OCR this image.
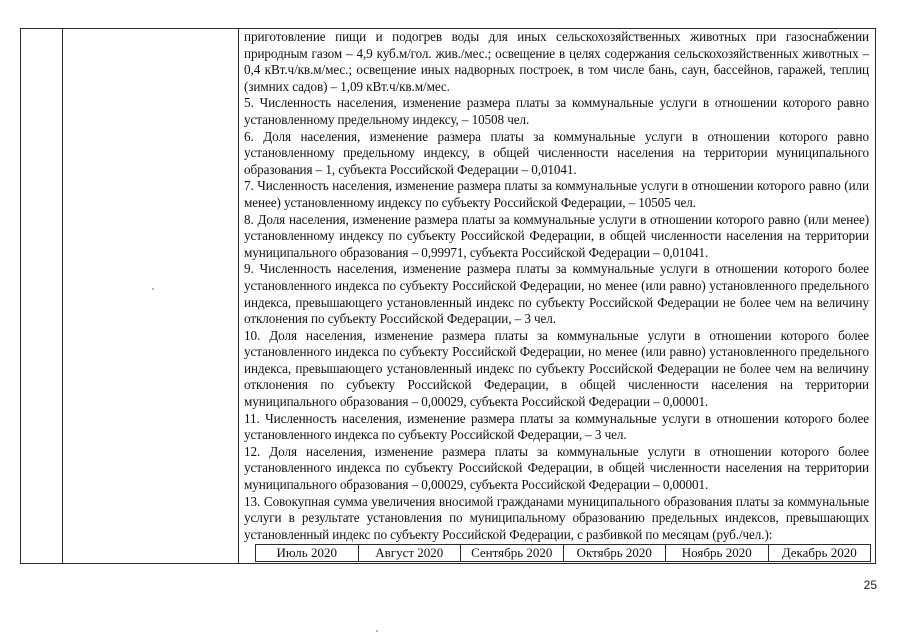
приготовление пищи и подогрев воды для иных сельскохозяйственных животных при газоснабжении природным газом – 4,9 куб.м/гол. жив./мес.; освещение в целях содержания сельскохозяйственных животных – 0,4 кВт.ч/кв.м/мес.; освещение иных надворных построек, в том числе бань, саун, бассейнов, гаражей, теплиц (зимних садов) – 1,09 кВт.ч/кв.м/мес.

5. Численность населения, изменение размера платы за коммунальные услуги в отношении которого равно установленному предельному индексу, – 10508 чел.

6. Доля населения, изменение размера платы за коммунальные услуги в отношении которого равно установленному предельному индексу, в общей численности населения на территории муниципального образования – 1, субъекта Российской Федерации – 0,01041.

7. Численность населения, изменение размера платы за коммунальные услуги в отношении которого равно (или менее) установленному индексу по субъекту Российской Федерации, – 10505 чел.

8. Доля населения, изменение размера платы за коммунальные услуги в отношении которого равно (или менее) установленному индексу по субъекту Российской Федерации, в общей численности населения на территории муниципального образования – 0,99971, субъекта Российской Федерации – 0,01041.

9. Численность населения, изменение размера платы за коммунальные услуги в отношении которого более установленного индекса по субъекту Российской Федерации, но менее (или равно) установленного предельного индекса, превышающего установленный индекс по субъекту Российской Федерации не более чем на величину отклонения по субъекту Российской Федерации, – 3 чел.

10. Доля населения, изменение размера платы за коммунальные услуги в отношении которого более установленного индекса по субъекту Российской Федерации, но менее (или равно) установленного предельного индекса, превышающего установленный индекс по субъекту Российской Федерации не более чем на величину отклонения по субъекту Российской Федерации, в общей численности населения на территории муниципального образования – 0,00029, субъекта Российской Федерации – 0,00001.

11. Численность населения, изменение размера платы за коммунальные услуги в отношении которого более установленного индекса по субъекту Российской Федерации, – 3 чел.

12. Доля населения, изменение размера платы за коммунальные услуги в отношении которого более установленного индекса по субъекту Российской Федерации, в общей численности населения на территории муниципального образования – 0,00029, субъекта Российской Федерации – 0,00001.

13. Совокупная сумма увеличения вносимой гражданами муниципального образования платы за коммунальные услуги в результате установления по муниципальному образованию предельных индексов, превышающих установленный индекс по субъекту Российской Федерации, с разбивкой по месяцам (руб./чел.):

Июль 2020	Август 2020	Сентябрь 2020	Октябрь 2020	Ноябрь 2020	Декабрь 2020
25
